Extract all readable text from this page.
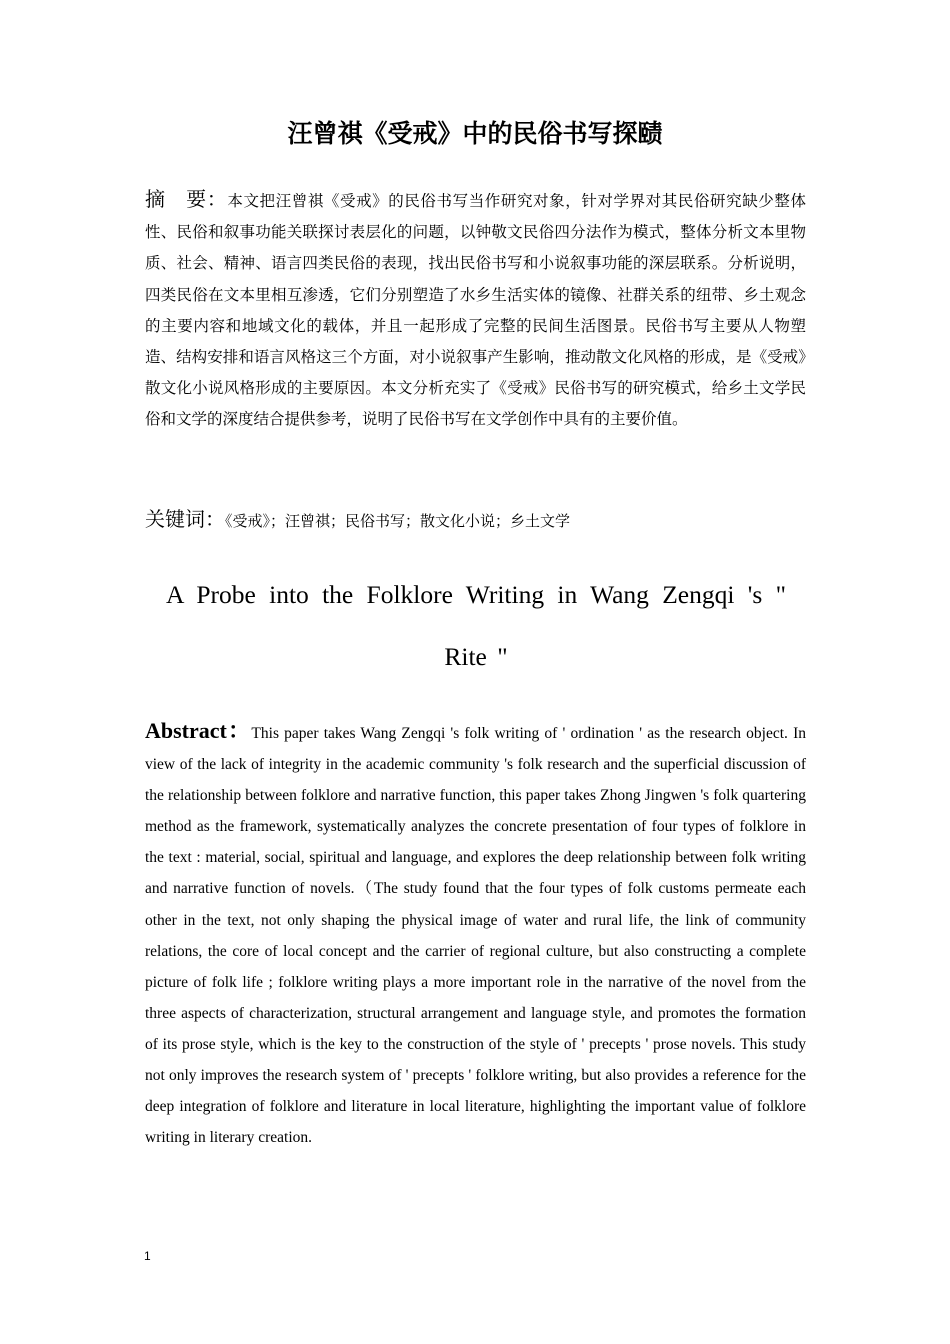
汪曾祺《受戒》中的民俗书写探赜
摘　要：本文把汪曾祺《受戒》的民俗书写当作研究对象，针对学界对其民俗研究缺少整体性、民俗和叙事功能关联探讨表层化的问题，以钟敬文民俗四分法作为模式，整体分析文本里物质、社会、精神、语言四类民俗的表现，找出民俗书写和小说叙事功能的深层联系。分析说明，四类民俗在文本里相互渗透，它们分别塑造了水乡生活实体的镜像、社群关系的纽带、乡土观念的主要内容和地域文化的载体，并且一起形成了完整的民间生活图景。民俗书写主要从人物塑造、结构安排和语言风格这三个方面，对小说叙事产生影响，推动散文化风格的形成，是《受戒》散文化小说风格形成的主要原因。本文分析充实了《受戒》民俗书写的研究模式，给乡土文学民俗和文学的深度结合提供参考，说明了民俗书写在文学创作中具有的主要价值。
关键词：《受戒》；汪曾祺；民俗书写；散文化小说；乡土文学
A Probe into the Folklore Writing in Wang Zengqi 's " Rite "
Abstract：This paper takes Wang Zengqi 's folk writing of ' ordination ' as the research object. In view of the lack of integrity in the academic community 's folk research and the superficial discussion of the relationship between folklore and narrative function, this paper takes Zhong Jingwen 's folk quartering method as the framework, systematically analyzes the concrete presentation of four types of folklore in the text : material, social, spiritual and language, and explores the deep relationship between folk writing and narrative function of novels.（The study found that the four types of folk customs permeate each other in the text, not only shaping the physical image of water and rural life, the link of community relations, the core of local concept and the carrier of regional culture, but also constructing a complete picture of folk life ; folklore writing plays a more important role in the narrative of the novel from the three aspects of characterization, structural arrangement and language style, and promotes the formation of its prose style, which is the key to the construction of the style of ' precepts ' prose novels. This study not only improves the research system of ' precepts ' folklore writing, but also provides a reference for the deep integration of folklore and literature in local literature, highlighting the important value of folklore writing in literary creation.
1
